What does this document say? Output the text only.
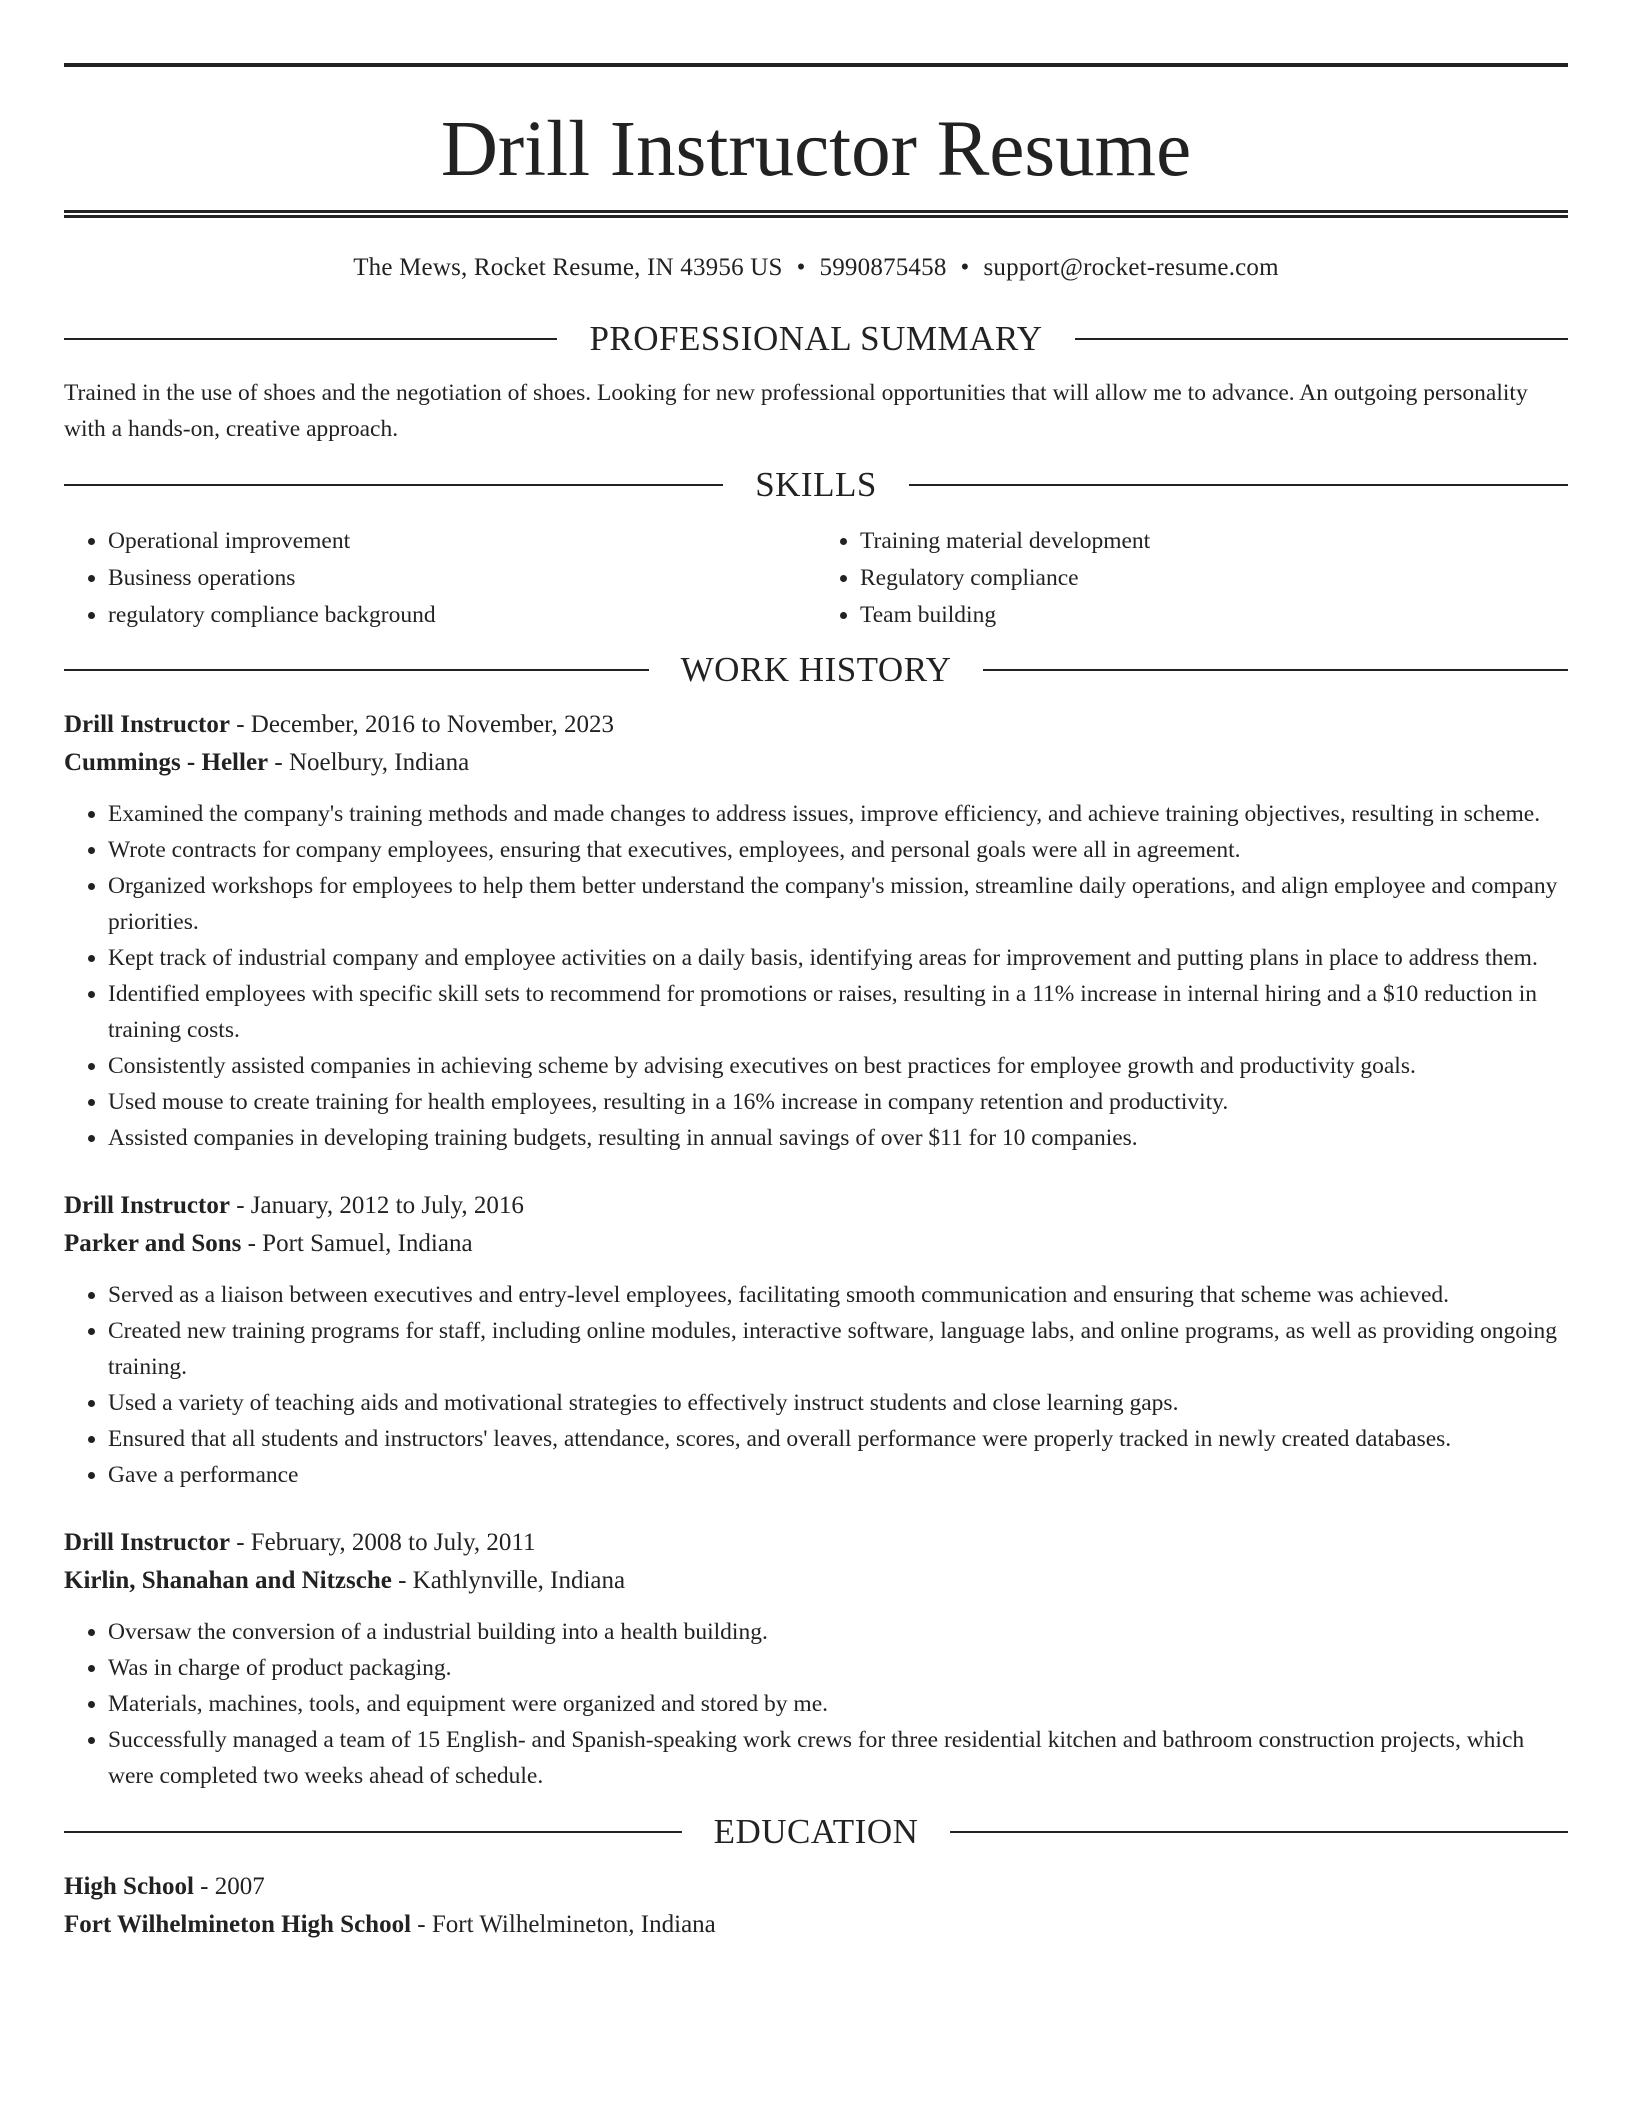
Drill Instructor Resume
The Mews, Rocket Resume, IN 43956 US • 5990875458 • support@rocket-resume.com
PROFESSIONAL SUMMARY
Trained in the use of shoes and the negotiation of shoes. Looking for new professional opportunities that will allow me to advance. An outgoing personality with a hands-on, creative approach.
SKILLS
• Operational improvement
• Business operations
• regulatory compliance background
• Training material development
• Regulatory compliance
• Team building
WORK HISTORY
Drill Instructor - December, 2016 to November, 2023
Cummings - Heller - Noelbury, Indiana
• Examined the company's training methods and made changes to address issues, improve efficiency, and achieve training objectives, resulting in scheme.
• Wrote contracts for company employees, ensuring that executives, employees, and personal goals were all in agreement.
• Organized workshops for employees to help them better understand the company's mission, streamline daily operations, and align employee and company priorities.
• Kept track of industrial company and employee activities on a daily basis, identifying areas for improvement and putting plans in place to address them.
• Identified employees with specific skill sets to recommend for promotions or raises, resulting in a 11% increase in internal hiring and a $10 reduction in training costs.
• Consistently assisted companies in achieving scheme by advising executives on best practices for employee growth and productivity goals.
• Used mouse to create training for health employees, resulting in a 16% increase in company retention and productivity.
• Assisted companies in developing training budgets, resulting in annual savings of over $11 for 10 companies.
Drill Instructor - January, 2012 to July, 2016
Parker and Sons - Port Samuel, Indiana
• Served as a liaison between executives and entry-level employees, facilitating smooth communication and ensuring that scheme was achieved.
• Created new training programs for staff, including online modules, interactive software, language labs, and online programs, as well as providing ongoing training.
• Used a variety of teaching aids and motivational strategies to effectively instruct students and close learning gaps.
• Ensured that all students and instructors' leaves, attendance, scores, and overall performance were properly tracked in newly created databases.
• Gave a performance
Drill Instructor - February, 2008 to July, 2011
Kirlin, Shanahan and Nitzsche - Kathlynville, Indiana
• Oversaw the conversion of a industrial building into a health building.
• Was in charge of product packaging.
• Materials, machines, tools, and equipment were organized and stored by me.
• Successfully managed a team of 15 English- and Spanish-speaking work crews for three residential kitchen and bathroom construction projects, which were completed two weeks ahead of schedule.
EDUCATION
High School - 2007
Fort Wilhelmineton High School - Fort Wilhelmineton, Indiana
